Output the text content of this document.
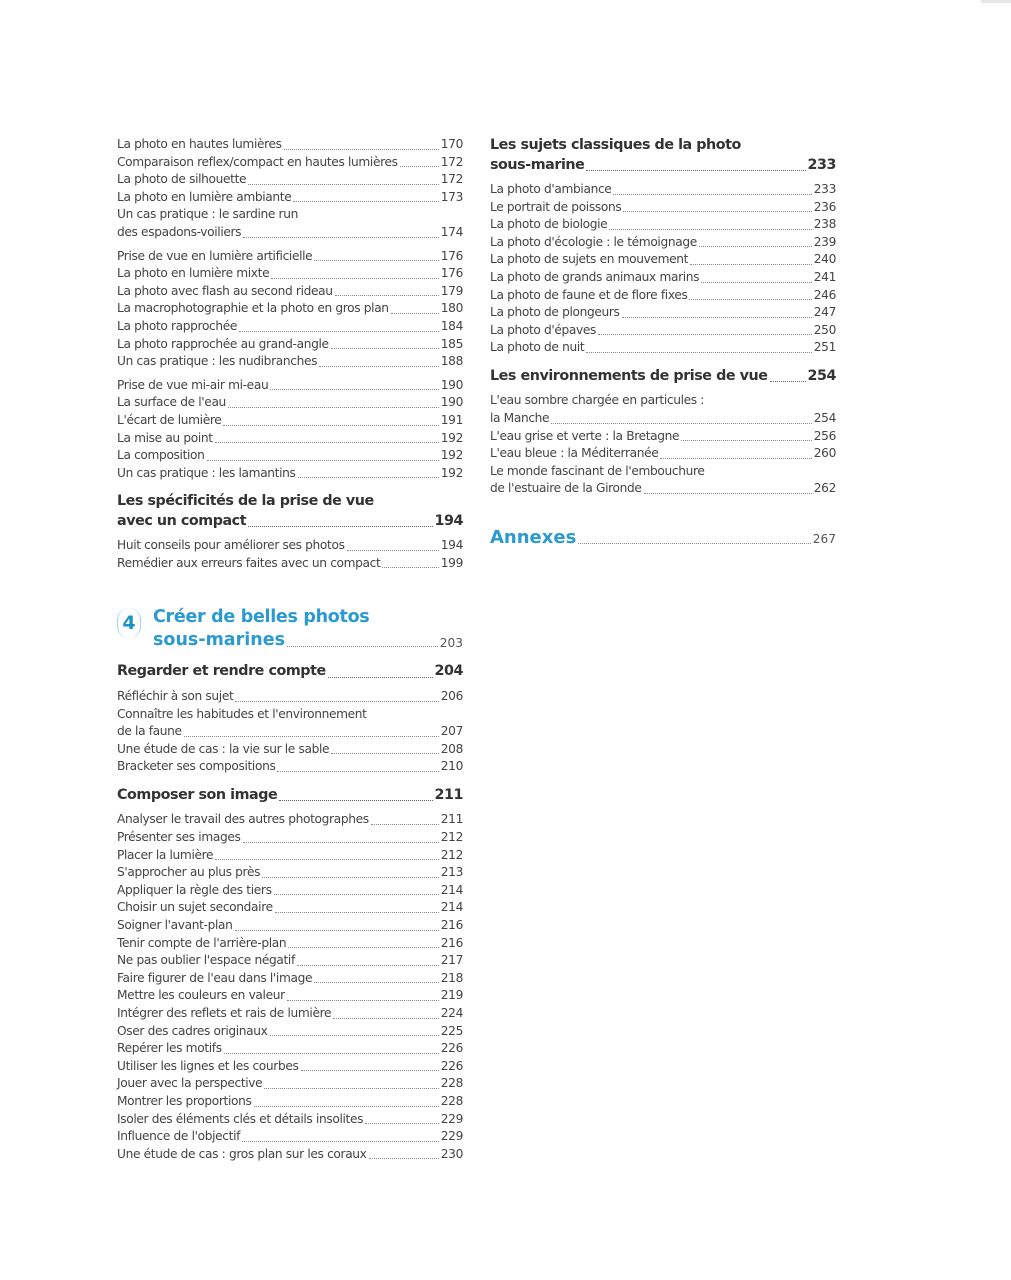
La photo en hautes lumières	170
Comparaison reflex/compact en hautes lumières	172
La photo de silhouette	172
La photo en lumière ambiante	173
Un cas pratique : le sardine run
des espadons-voiliers	174
Prise de vue en lumière artificielle	176
La photo en lumière mixte	176
La photo avec flash au second rideau	179
La macrophotographie et la photo en gros plan	180
La photo rapprochée	184
La photo rapprochée au grand-angle	185
Un cas pratique : les nudibranches	188
Prise de vue mi-air mi-eau	190
La surface de l'eau	190
L'écart de lumière	191
La mise au point	192
La composition	192
Un cas pratique : les lamantins	192
Les spécificités de la prise de vue
avec un compact	194
Huit conseils pour améliorer ses photos	194
Remédier aux erreurs faites avec un compact	199
4 Créer de belles photos
sous-marines	203
Regarder et rendre compte	204
Réfléchir à son sujet	206
Connaître les habitudes et l'environnement
de la faune	207
Une étude de cas : la vie sur le sable	208
Bracketer ses compositions	210
Composer son image	211
Analyser le travail des autres photographes	211
Présenter ses images	212
Placer la lumière	212
S'approcher au plus près	213
Appliquer la règle des tiers	214
Choisir un sujet secondaire	214
Soigner l'avant-plan	216
Tenir compte de l'arrière-plan	216
Ne pas oublier l'espace négatif	217
Faire figurer de l'eau dans l'image	218
Mettre les couleurs en valeur	219
Intégrer des reflets et rais de lumière	224
Oser des cadres originaux	225
Repérer les motifs	226
Utiliser les lignes et les courbes	226
Jouer avec la perspective	228
Montrer les proportions	228
Isoler des éléments clés et détails insolites	229
Influence de l'objectif	229
Une étude de cas : gros plan sur les coraux	230
Les sujets classiques de la photo
sous-marine	233
La photo d'ambiance	233
Le portrait de poissons	236
La photo de biologie	238
La photo d'écologie : le témoignage	239
La photo de sujets en mouvement	240
La photo de grands animaux marins	241
La photo de faune et de flore fixes	246
La photo de plongeurs	247
La photo d'épaves	250
La photo de nuit	251
Les environnements de prise de vue	254
L'eau sombre chargée en particules :
la Manche	254
L'eau grise et verte : la Bretagne	256
L'eau bleue : la Méditerranée	260
Le monde fascinant de l'embouchure
de l'estuaire de la Gironde	262
Annexes	267
